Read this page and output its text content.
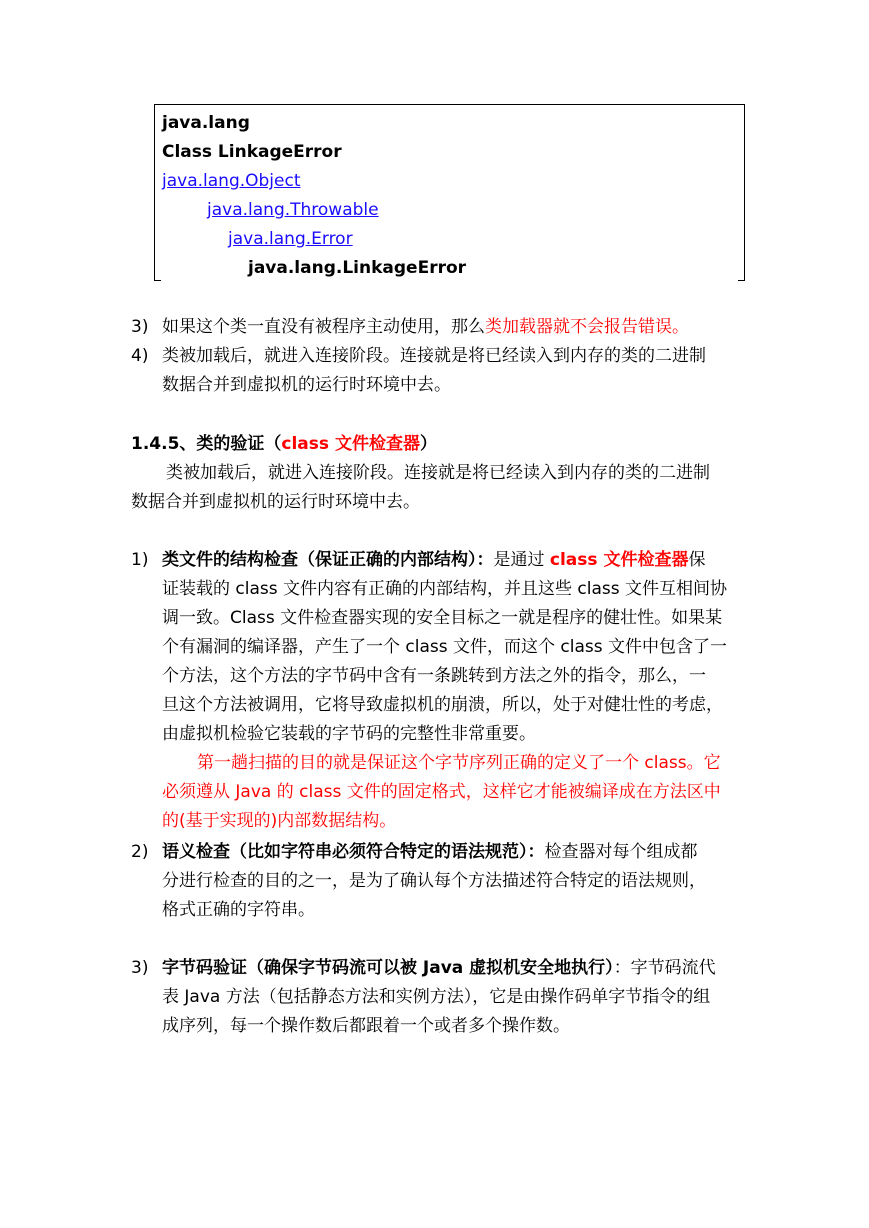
java.lang
Class LinkageError
java.lang.Object
java.lang.Throwable
java.lang.Error
java.lang.LinkageError
3) 如果这个类一直没有被程序主动使用，那么类加载器就不会报告错误。
4) 类被加载后，就进入连接阶段。连接就是将已经读入到内存的类的二进制
数据合并到虚拟机的运行时环境中去。
1.4.5、类的验证（class 文件检查器）
类被加载后，就进入连接阶段。连接就是将已经读入到内存的类的二进制
数据合并到虚拟机的运行时环境中去。
1) 类文件的结构检查（保证正确的内部结构）：是通过 class 文件检查器保
证装载的 class 文件内容有正确的内部结构，并且这些 class 文件互相间协
调一致。Class 文件检查器实现的安全目标之一就是程序的健壮性。如果某
个有漏洞的编译器，产生了一个 class 文件，而这个 class 文件中包含了一
个方法，这个方法的字节码中含有一条跳转到方法之外的指令，那么，一
旦这个方法被调用，它将导致虚拟机的崩溃，所以，处于对健壮性的考虑，
由虚拟机检验它装载的字节码的完整性非常重要。
第一趟扫描的目的就是保证这个字节序列正确的定义了一个 class。它
必须遵从 Java 的 class 文件的固定格式，这样它才能被编译成在方法区中
的(基于实现的)内部数据结构。
2) 语义检查（比如字符串必须符合特定的语法规范）：检查器对每个组成都
分进行检查的目的之一，是为了确认每个方法描述符合特定的语法规则，
格式正确的字符串。
3) 字节码验证（确保字节码流可以被 Java 虚拟机安全地执行）：字节码流代
表 Java 方法（包括静态方法和实例方法），它是由操作码单字节指令的组
成序列，每一个操作数后都跟着一个或者多个操作数。
